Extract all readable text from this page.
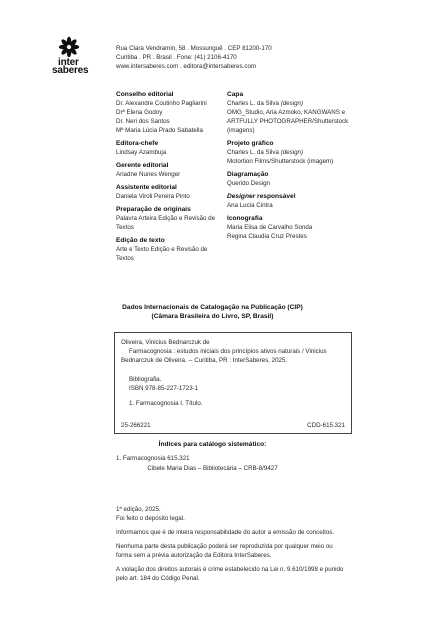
inter
saberes
Rua Clara Vendramin, 58 . Mossunguê . CEP 81200-170
Curitiba . PR . Brasil . Fone: (41) 2106-4170
www.intersaberes.com . editora@intersaberes.com
Conselho editorial
Dr. Alexandre Coutinho Pagliarini
Drª Elena Godoy
Dr. Neri dos Santos
Mª Maria Lúcia Prado Sabatella
Editora-chefe
Lindsay Azambuja
Gerente editorial
Ariadne Nunes Wenger
Assistente editorial
Daniela Viroli Pereira Pinto
Preparação de originais
Palavra Arteira Edição e Revisão de
Textos
Edição de texto
Arte e Texto Edição e Revisão de
Textos
Capa
Charles L. da Silva (design)
OMG_Studio, Aria Azmoko, KANGWANS e
ARTFULLY PHOTOGRAPHER/Shutterstock
(imagens)
Projeto gráfico
Charles L. da Silva (design)
Motortion Films/Shutterstock (imagem)
Diagramação
Querido Design
Designer responsável
Ana Lucia Cintra
Iconografia
Maria Elisa de Carvalho Sonda
Regina Claudia Cruz Prestes
Dados Internacionais de Catalogação na Publicação (CIP)
(Câmara Brasileira do Livro, SP, Brasil)
Oliveira, Vinicius Bednarczuk de
Farmacognosia : estudos iniciais dos princípios ativos naturais / Vinicius
Bednarczuk de Oliveira. -- Curitiba, PR : InterSaberes, 2025.
Bibliografia.
ISBN 978-85-227-1723-1
1. Farmacognosia I. Título.
25-266221	CDD-615.321
Índices para catálogo sistemático:
1. Farmacognosia 615.321
Cibele Maria Dias – Bibliotecária – CRB-8/9427
1ª edição, 2025.
Foi feito o depósito legal.
Informamos que é de inteira responsabilidade do autor a emissão de conceitos.
Nenhuma parte desta publicação poderá ser reproduzida por qualquer meio ou
forma sem a prévia autorização da Editora InterSaberes.
A violação dos direitos autorais é crime estabelecido na Lei n. 9.610/1998 e punido
pelo art. 184 do Código Penal.
